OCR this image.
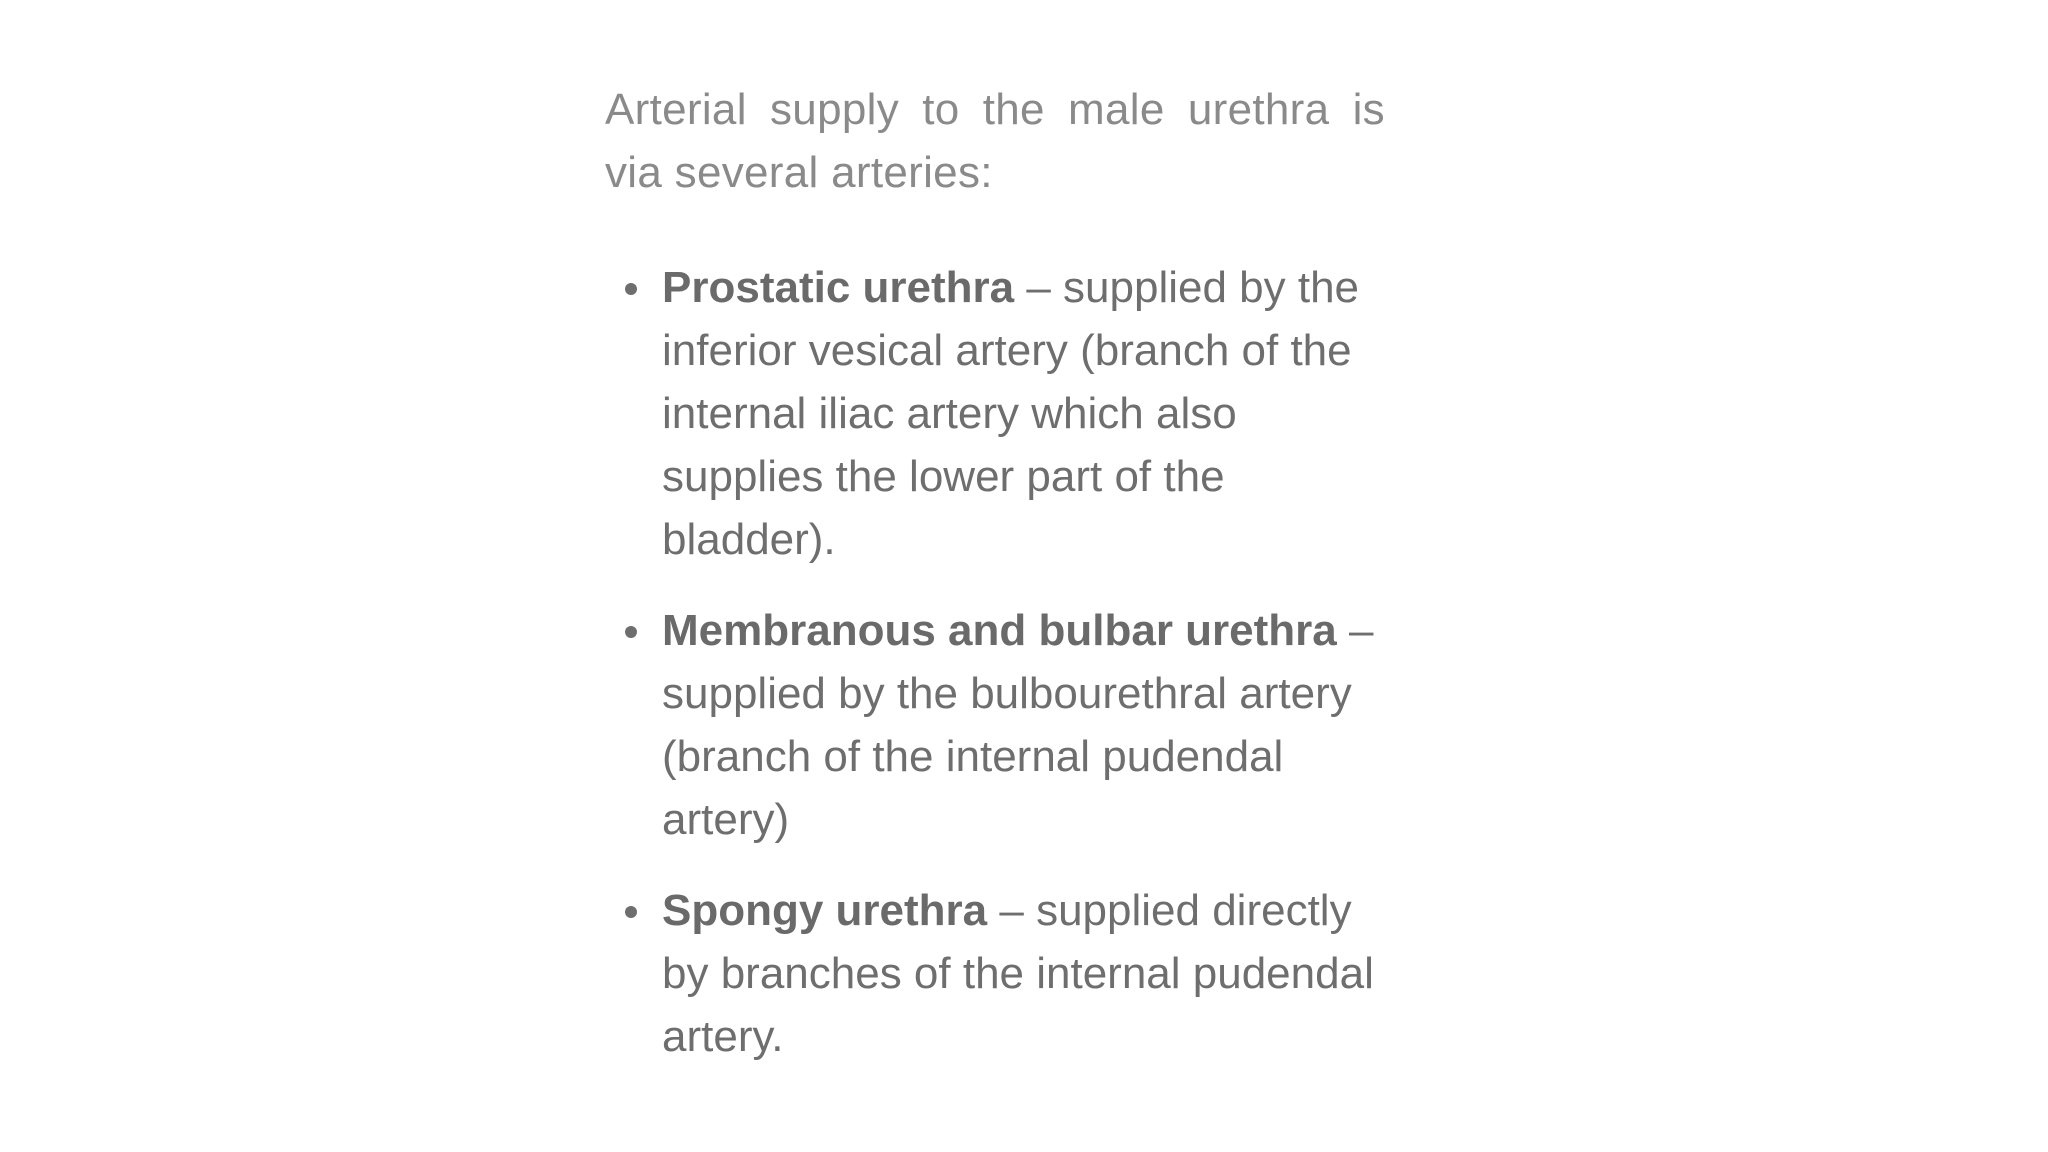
Arterial supply to the male urethra is via several arteries:

Prostatic urethra – supplied by the inferior vesical artery (branch of the internal iliac artery which also supplies the lower part of the bladder).
Membranous and bulbar urethra – supplied by the bulbourethral artery (branch of the internal pudendal artery)
Spongy urethra – supplied directly by branches of the internal pudendal artery.
